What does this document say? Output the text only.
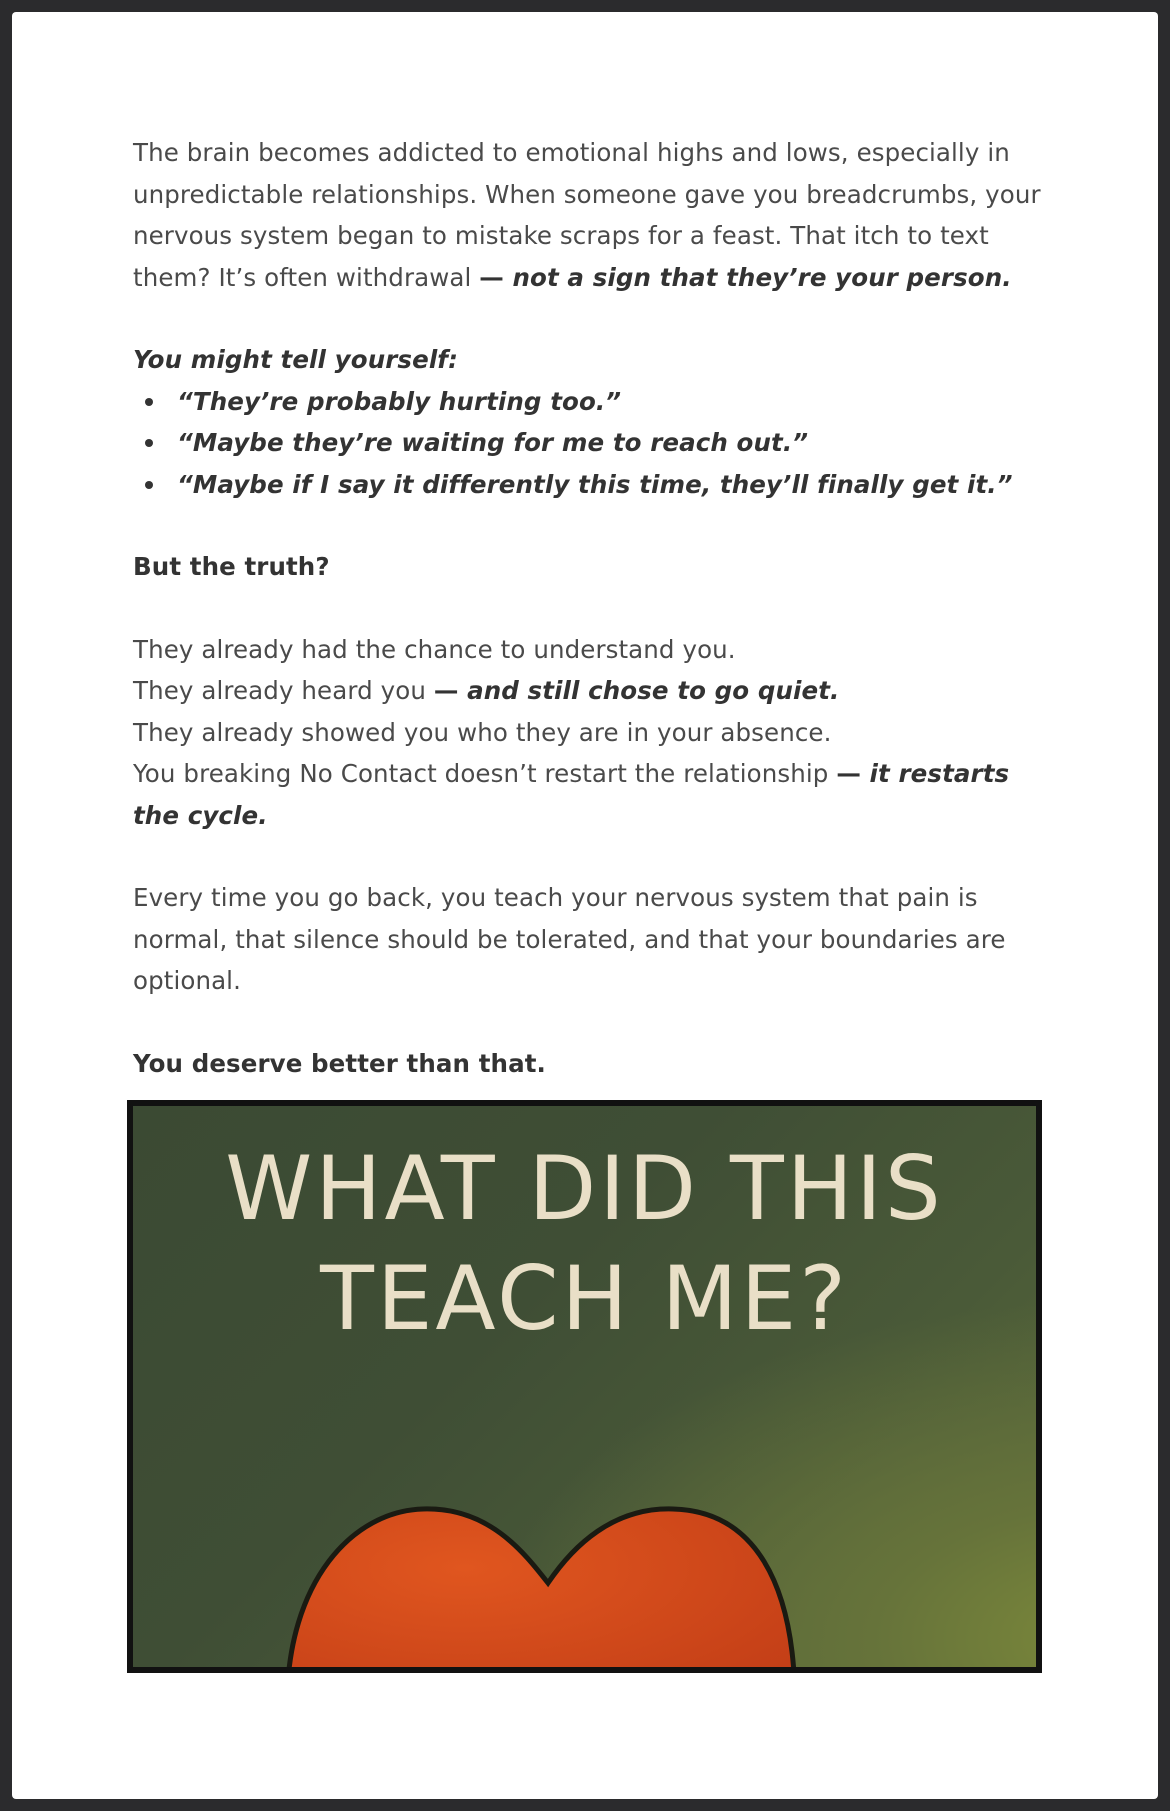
The brain becomes addicted to emotional highs and lows, especially in unpredictable relationships. When someone gave you breadcrumbs, your nervous system began to mistake scraps for a feast. That itch to text them? It’s often withdrawal — not a sign that they’re your person.

You might tell yourself:

“They’re probably hurting too.”
“Maybe they’re waiting for me to reach out.”
“Maybe if I say it differently this time, they’ll finally get it.”

But the truth?

They already had the chance to understand you.

They already heard you — and still chose to go quiet.

They already showed you who they are in your absence.

You breaking No Contact doesn’t restart the relationship — it restarts the cycle.

Every time you go back, you teach your nervous system that pain is normal, that silence should be tolerated, and that your boundaries are optional.

You deserve better than that.

WHAT DID THIS
TEACH ME?
